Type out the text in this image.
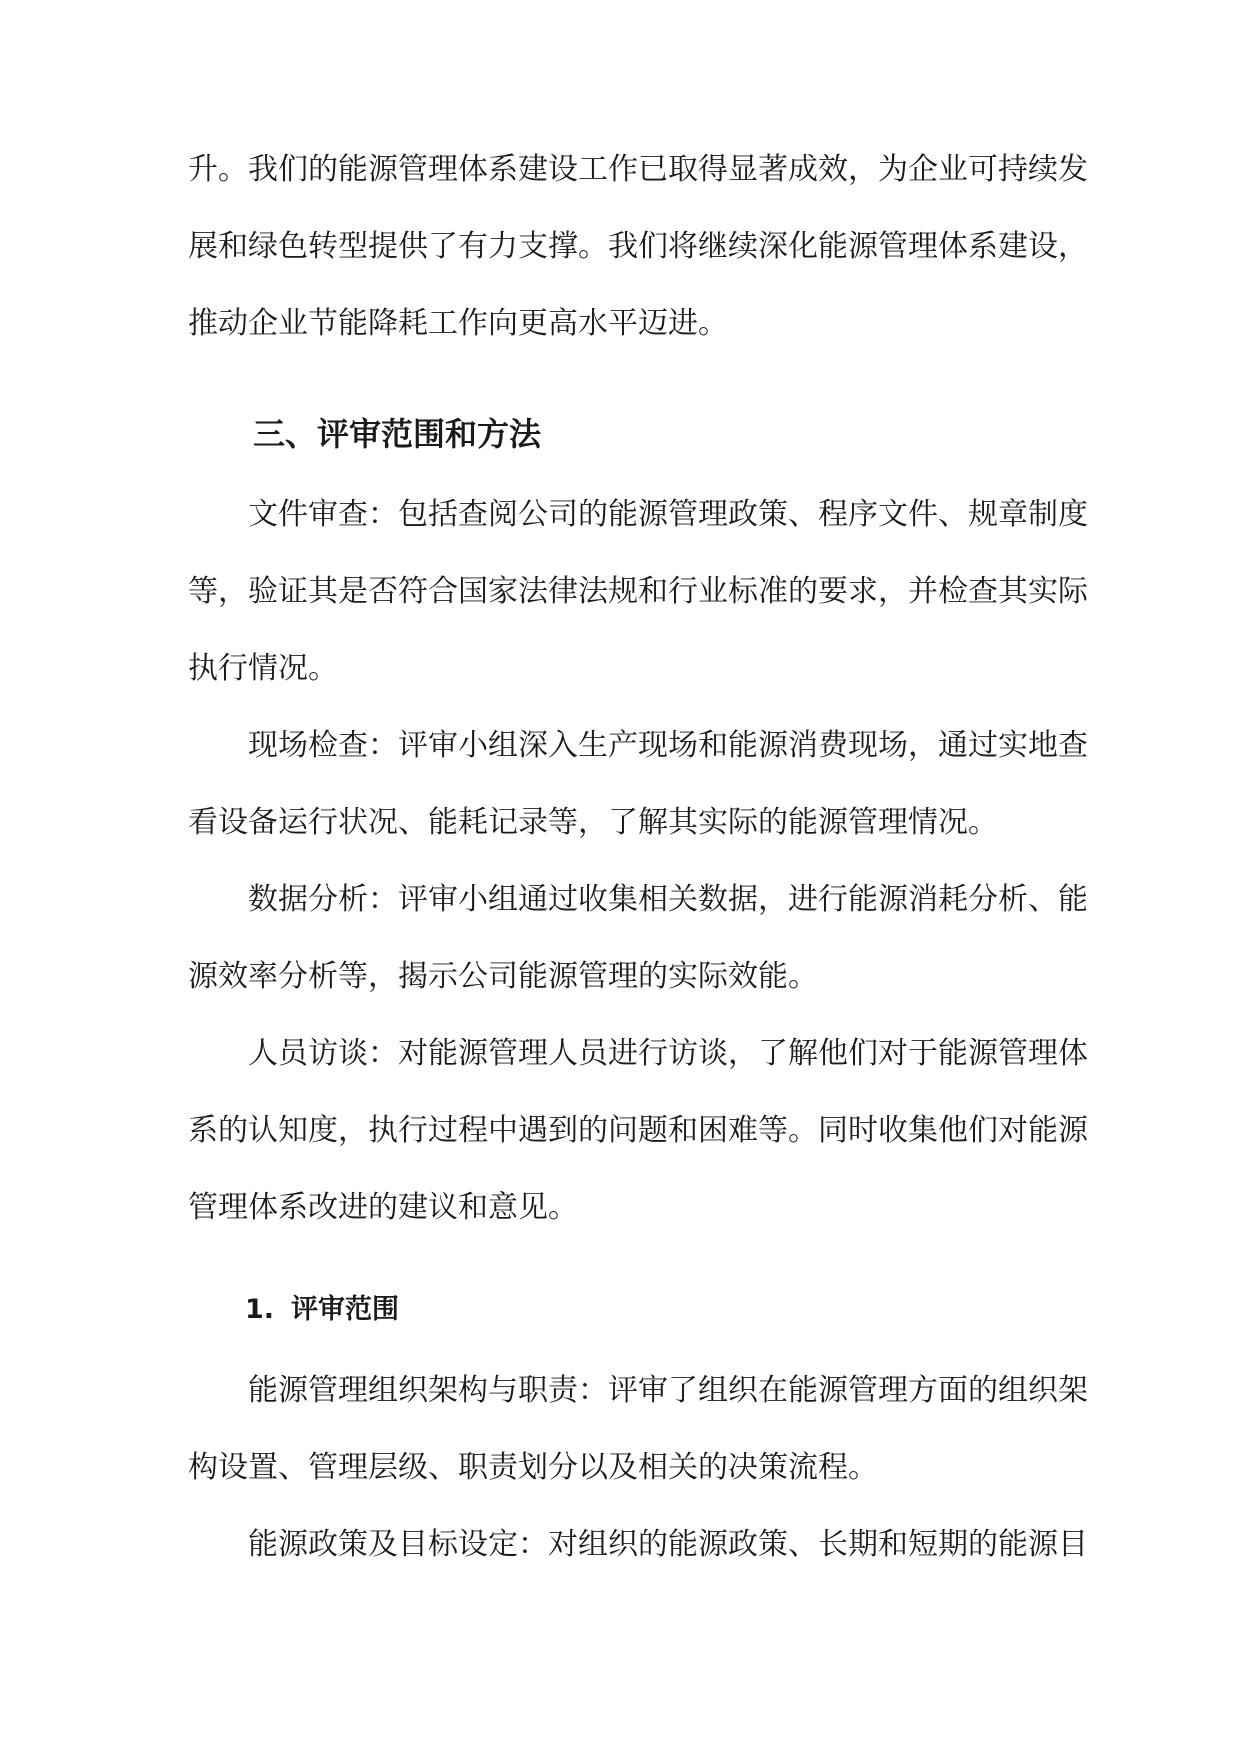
升。我们的能源管理体系建设工作已取得显著成效，为企业可持续发

展和绿色转型提供了有力支撑。我们将继续深化能源管理体系建设，

推动企业节能降耗工作向更高水平迈进。

三、评审范围和方法

文件审查：包括查阅公司的能源管理政策、程序文件、规章制度

等，验证其是否符合国家法律法规和行业标准的要求，并检查其实际

执行情况。

现场检查：评审小组深入生产现场和能源消费现场，通过实地查

看设备运行状况、能耗记录等，了解其实际的能源管理情况。

数据分析：评审小组通过收集相关数据，进行能源消耗分析、能

源效率分析等，揭示公司能源管理的实际效能。

人员访谈：对能源管理人员进行访谈，了解他们对于能源管理体

系的认知度，执行过程中遇到的问题和困难等。同时收集他们对能源

管理体系改进的建议和意见。

1. 评审范围

能源管理组织架构与职责：评审了组织在能源管理方面的组织架

构设置、管理层级、职责划分以及相关的决策流程。

能源政策及目标设定：对组织的能源政策、长期和短期的能源目
